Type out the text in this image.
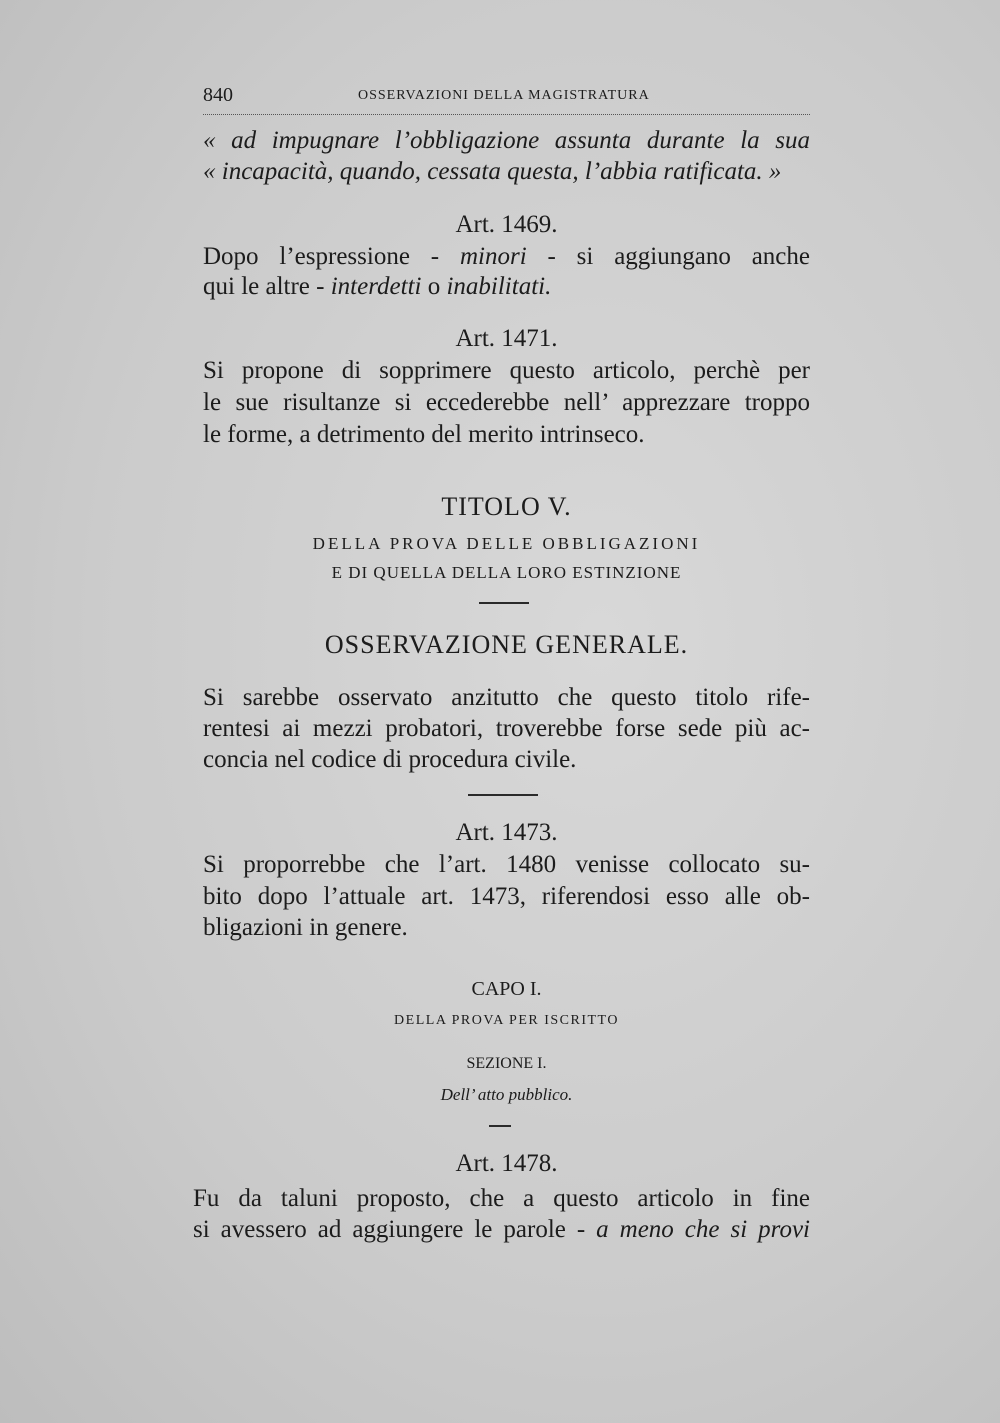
840	OSSERVAZIONI DELLA MAGISTRATURA
« ad impugnare l’obbligazione assunta durante la sua
« incapacità, quando, cessata questa, l’abbia ratificata. »
Art. 1469.
Dopo l’espressione - minori - si aggiungano anche
qui le altre - interdetti o inabilitati.
Art. 1471.
Si propone di sopprimere questo articolo, perchè per
le sue risultanze si eccederebbe nell’ apprezzare troppo
le forme, a detrimento del merito intrinseco.
TITOLO V.
DELLA PROVA DELLE OBBLIGAZIONI
E DI QUELLA DELLA LORO ESTINZIONE
OSSERVAZIONE GENERALE.
Si sarebbe osservato anzitutto che questo titolo rife-
rentesi ai mezzi probatori, troverebbe forse sede più ac-
concia nel codice di procedura civile.
Art. 1473.
Si proporrebbe che l’art. 1480 venisse collocato su-
bito dopo l’attuale art. 1473, riferendosi esso alle ob-
bligazioni in genere.
CAPO I.
DELLA PROVA PER ISCRITTO
SEZIONE I.
Dell’ atto pubblico.
Art. 1478.
Fu da taluni proposto, che a questo articolo in fine
si avessero ad aggiungere le parole - a meno che si provi
